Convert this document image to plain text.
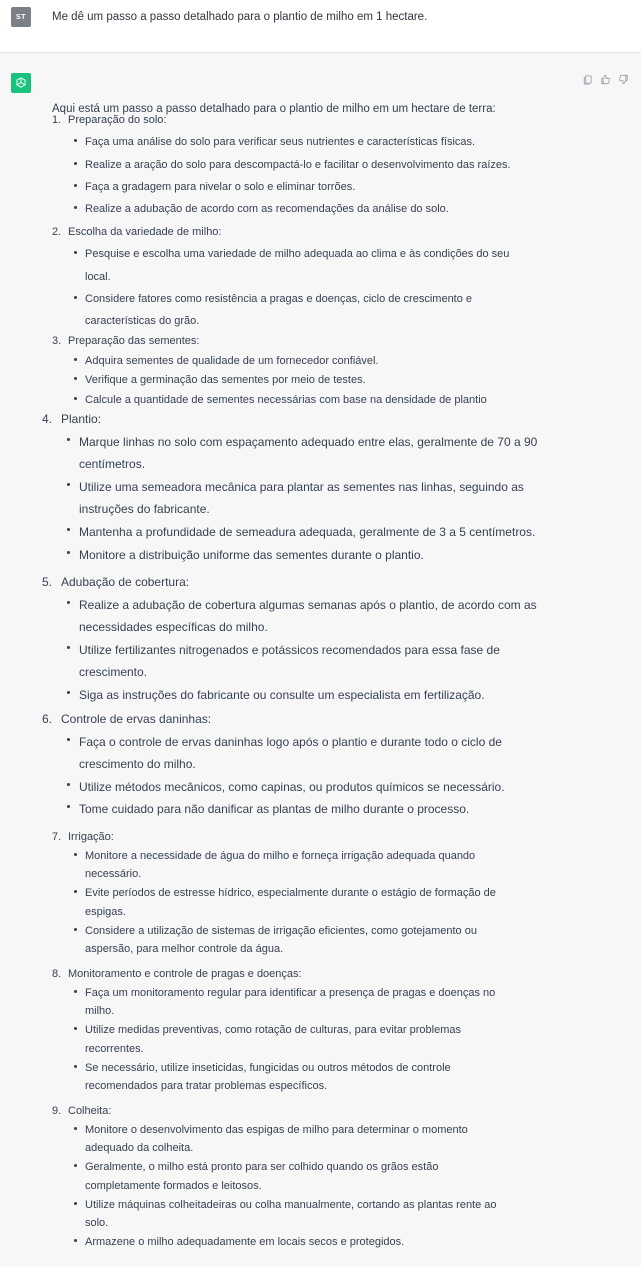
ST	Me dê um passo a passo detalhado para o plantio de milho em 1 hectare.
Aqui está um passo a passo detalhado para o plantio de milho em um hectare de terra:
1. Preparação do solo:
Faça uma análise do solo para verificar seus nutrientes e características físicas.
Realize a aração do solo para descompactá-lo e facilitar o desenvolvimento das raízes.
Faça a gradagem para nivelar o solo e eliminar torrões.
Realize a adubação de acordo com as recomendações da análise do solo.
2. Escolha da variedade de milho:
Pesquise e escolha uma variedade de milho adequada ao clima e às condições do seu
local.
Considere fatores como resistência a pragas e doenças, ciclo de crescimento e
características do grão.
3. Preparação das sementes:
Adquira sementes de qualidade de um fornecedor confiável.
Verifique a germinação das sementes por meio de testes.
Calcule a quantidade de sementes necessárias com base na densidade de plantio
4. Plantio:
Marque linhas no solo com espaçamento adequado entre elas, geralmente de 70 a 90
centímetros.
Utilize uma semeadora mecânica para plantar as sementes nas linhas, seguindo as
instruções do fabricante.
Mantenha a profundidade de semeadura adequada, geralmente de 3 a 5 centímetros.
Monitore a distribuição uniforme das sementes durante o plantio.
5. Adubação de cobertura:
Realize a adubação de cobertura algumas semanas após o plantio, de acordo com as
necessidades específicas do milho.
Utilize fertilizantes nitrogenados e potássicos recomendados para essa fase de
crescimento.
Siga as instruções do fabricante ou consulte um especialista em fertilização.
6. Controle de ervas daninhas:
Faça o controle de ervas daninhas logo após o plantio e durante todo o ciclo de
crescimento do milho.
Utilize métodos mecânicos, como capinas, ou produtos químicos se necessário.
Tome cuidado para não danificar as plantas de milho durante o processo.
7. Irrigação:
Monitore a necessidade de água do milho e forneça irrigação adequada quando
necessário.
Evite períodos de estresse hídrico, especialmente durante o estágio de formação de
espigas.
Considere a utilização de sistemas de irrigação eficientes, como gotejamento ou
aspersão, para melhor controle da água.
8. Monitoramento e controle de pragas e doenças:
Faça um monitoramento regular para identificar a presença de pragas e doenças no
milho.
Utilize medidas preventivas, como rotação de culturas, para evitar problemas
recorrentes.
Se necessário, utilize inseticidas, fungicidas ou outros métodos de controle
recomendados para tratar problemas específicos.
9. Colheita:
Monitore o desenvolvimento das espigas de milho para determinar o momento
adequado da colheita.
Geralmente, o milho está pronto para ser colhido quando os grãos estão
completamente formados e leitosos.
Utilize máquinas colheitadeiras ou colha manualmente, cortando as plantas rente ao
solo.
Armazene o milho adequadamente em locais secos e protegidos.
